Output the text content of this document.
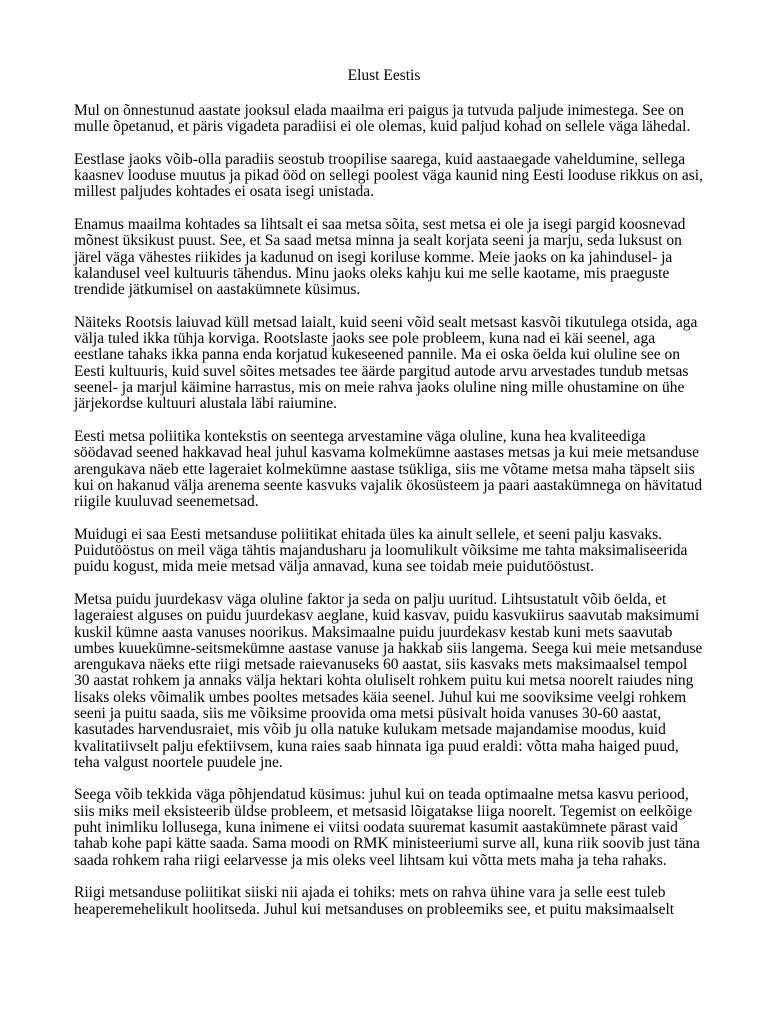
Elust Eestis

Mul on õnnestunud aastate jooksul elada maailma eri paigus ja tutvuda paljude inimestega. See on mulle õpetanud, et päris vigadeta paradiisi ei ole olemas, kuid paljud kohad on sellele väga lähedal.

Eestlase jaoks võib-olla paradiis seostub troopilise saarega, kuid aastaaegade vaheldumine, sellega kaasnev looduse muutus ja pikad ööd on sellegi poolest väga kaunid ning Eesti looduse rikkus on asi, millest paljudes kohtades ei osata isegi unistada.

Enamus maailma kohtades sa lihtsalt ei saa metsa sõita, sest metsa ei ole ja isegi pargid koosnevad mõnest üksikust puust. See, et Sa saad metsa minna ja sealt korjata seeni ja marju, seda luksust on järel väga vähestes riikides ja kadunud on isegi koriluse komme. Meie jaoks on ka jahindusel- ja kalandusel veel kultuuris tähendus. Minu jaoks oleks kahju kui me selle kaotame, mis praeguste trendide jätkumisel on aastakümnete küsimus.

Näiteks Rootsis laiuvad küll metsad laialt, kuid seeni võid sealt metsast kasvõi tikutulega otsida, aga välja tuled ikka tühja korviga. Rootslaste jaoks see pole probleem, kuna nad ei käi seenel, aga eestlane tahaks ikka panna enda korjatud kukeseened pannile. Ma ei oska öelda kui oluline see on Eesti kultuuris, kuid suvel sõites metsades tee äärde pargitud autode arvu arvestades tundub metsas seenel- ja marjul käimine harrastus, mis on meie rahva jaoks oluline ning mille ohustamine on ühe järjekordse kultuuri alustala läbi raiumine.

Eesti metsa poliitika kontekstis on seentega arvestamine väga oluline, kuna hea kvaliteediga söödavad seened hakkavad heal juhul kasvama kolmekümne aastases metsas ja kui meie metsanduse arengukava näeb ette lageraiet kolmekümne aastase tsükliga, siis me võtame metsa maha täpselt siis kui on hakanud välja arenema seente kasvuks vajalik ökosüsteem ja paari aastakümnega on hävitatud riigile kuuluvad seenemetsad.

Muidugi ei saa Eesti metsanduse poliitikat ehitada üles ka ainult sellele, et seeni palju kasvaks. Puidutööstus on meil väga tähtis majandusharu ja loomulikult võiksime me tahta maksimaliseerida puidu kogust, mida meie metsad välja annavad, kuna see toidab meie puidutööstust.

Metsa puidu juurdekasv väga oluline faktor ja seda on palju uuritud. Lihtsustatult võib öelda, et lageraiest alguses on puidu juurdekasv aeglane, kuid kasvav, puidu kasvukiirus saavutab maksimumi kuskil kümne aasta vanuses noorikus. Maksimaalne puidu juurdekasv kestab kuni mets saavutab umbes kuuekümne-seitsmekümne aastase vanuse ja hakkab siis langema. Seega kui meie metsanduse arengukava näeks ette riigi metsade raievanuseks 60 aastat, siis kasvaks mets maksimaalsel tempol 30 aastat rohkem ja annaks välja hektari kohta oluliselt rohkem puitu kui metsa noorelt raiudes ning lisaks oleks võimalik umbes pooltes metsades käia seenel. Juhul kui me sooviksime veelgi rohkem seeni ja puitu saada, siis me võiksime proovida oma metsi püsivalt hoida vanuses 30-60 aastat, kasutades harvendusraiet, mis võib ju olla natuke kulukam metsade majandamise moodus, kuid kvalitatiivselt palju efektiivsem, kuna raies saab hinnata iga puud eraldi: võtta maha haiged puud, teha valgust noortele puudele jne.

Seega võib tekkida väga põhjendatud küsimus: juhul kui on teada optimaalne metsa kasvu periood, siis miks meil eksisteerib üldse probleem, et metsasid lõigatakse liiga noorelt. Tegemist on eelkõige puht inimliku lollusega, kuna inimene ei viitsi oodata suuremat kasumit aastakümnete pärast vaid tahab kohe papi kätte saada. Sama moodi on RMK ministeeriumi surve all, kuna riik soovib just täna saada rohkem raha riigi eelarvesse ja mis oleks veel lihtsam kui võtta mets maha ja teha rahaks.

Riigi metsanduse poliitikat siiski nii ajada ei tohiks: mets on rahva ühine vara ja selle eest tuleb heaperemehelikult hoolitseda. Juhul kui metsanduses on probleemiks see, et puitu maksimaalselt
